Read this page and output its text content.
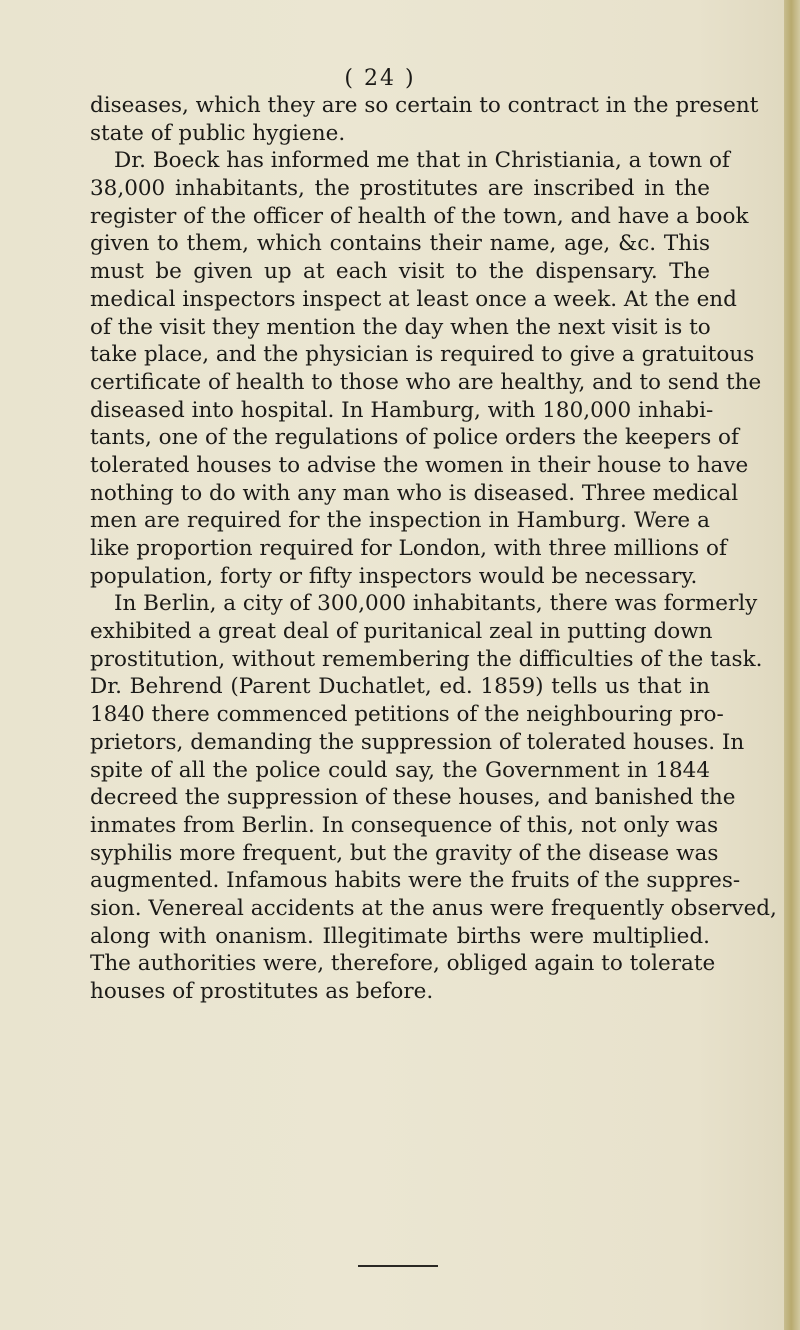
( 24 )
diseases, which they are so certain to contract in the present
state of public hygiene.
Dr. Boeck has informed me that in Christiania, a town of
38,000 inhabitants, the prostitutes are inscribed in the
register of the officer of health of the town, and have a book
given to them, which contains their name, age, &c. This
must be given up at each visit to the dispensary. The
medical inspectors inspect at least once a week. At the end
of the visit they mention the day when the next visit is to
take place, and the physician is required to give a gratuitous
certificate of health to those who are healthy, and to send the
diseased into hospital. In Hamburg, with 180,000 inhabi-
tants, one of the regulations of police orders the keepers of
tolerated houses to advise the women in their house to have
nothing to do with any man who is diseased. Three medical
men are required for the inspection in Hamburg. Were a
like proportion required for London, with three millions of
population, forty or fifty inspectors would be necessary.
In Berlin, a city of 300,000 inhabitants, there was formerly
exhibited a great deal of puritanical zeal in putting down
prostitution, without remembering the difficulties of the task.
Dr. Behrend (Parent Duchatlet, ed. 1859) tells us that in
1840 there commenced petitions of the neighbouring pro-
prietors, demanding the suppression of tolerated houses. In
spite of all the police could say, the Government in 1844
decreed the suppression of these houses, and banished the
inmates from Berlin. In consequence of this, not only was
syphilis more frequent, but the gravity of the disease was
augmented. Infamous habits were the fruits of the suppres-
sion. Venereal accidents at the anus were frequently observed,
along with onanism. Illegitimate births were multiplied.
The authorities were, therefore, obliged again to tolerate
houses of prostitutes as before.
